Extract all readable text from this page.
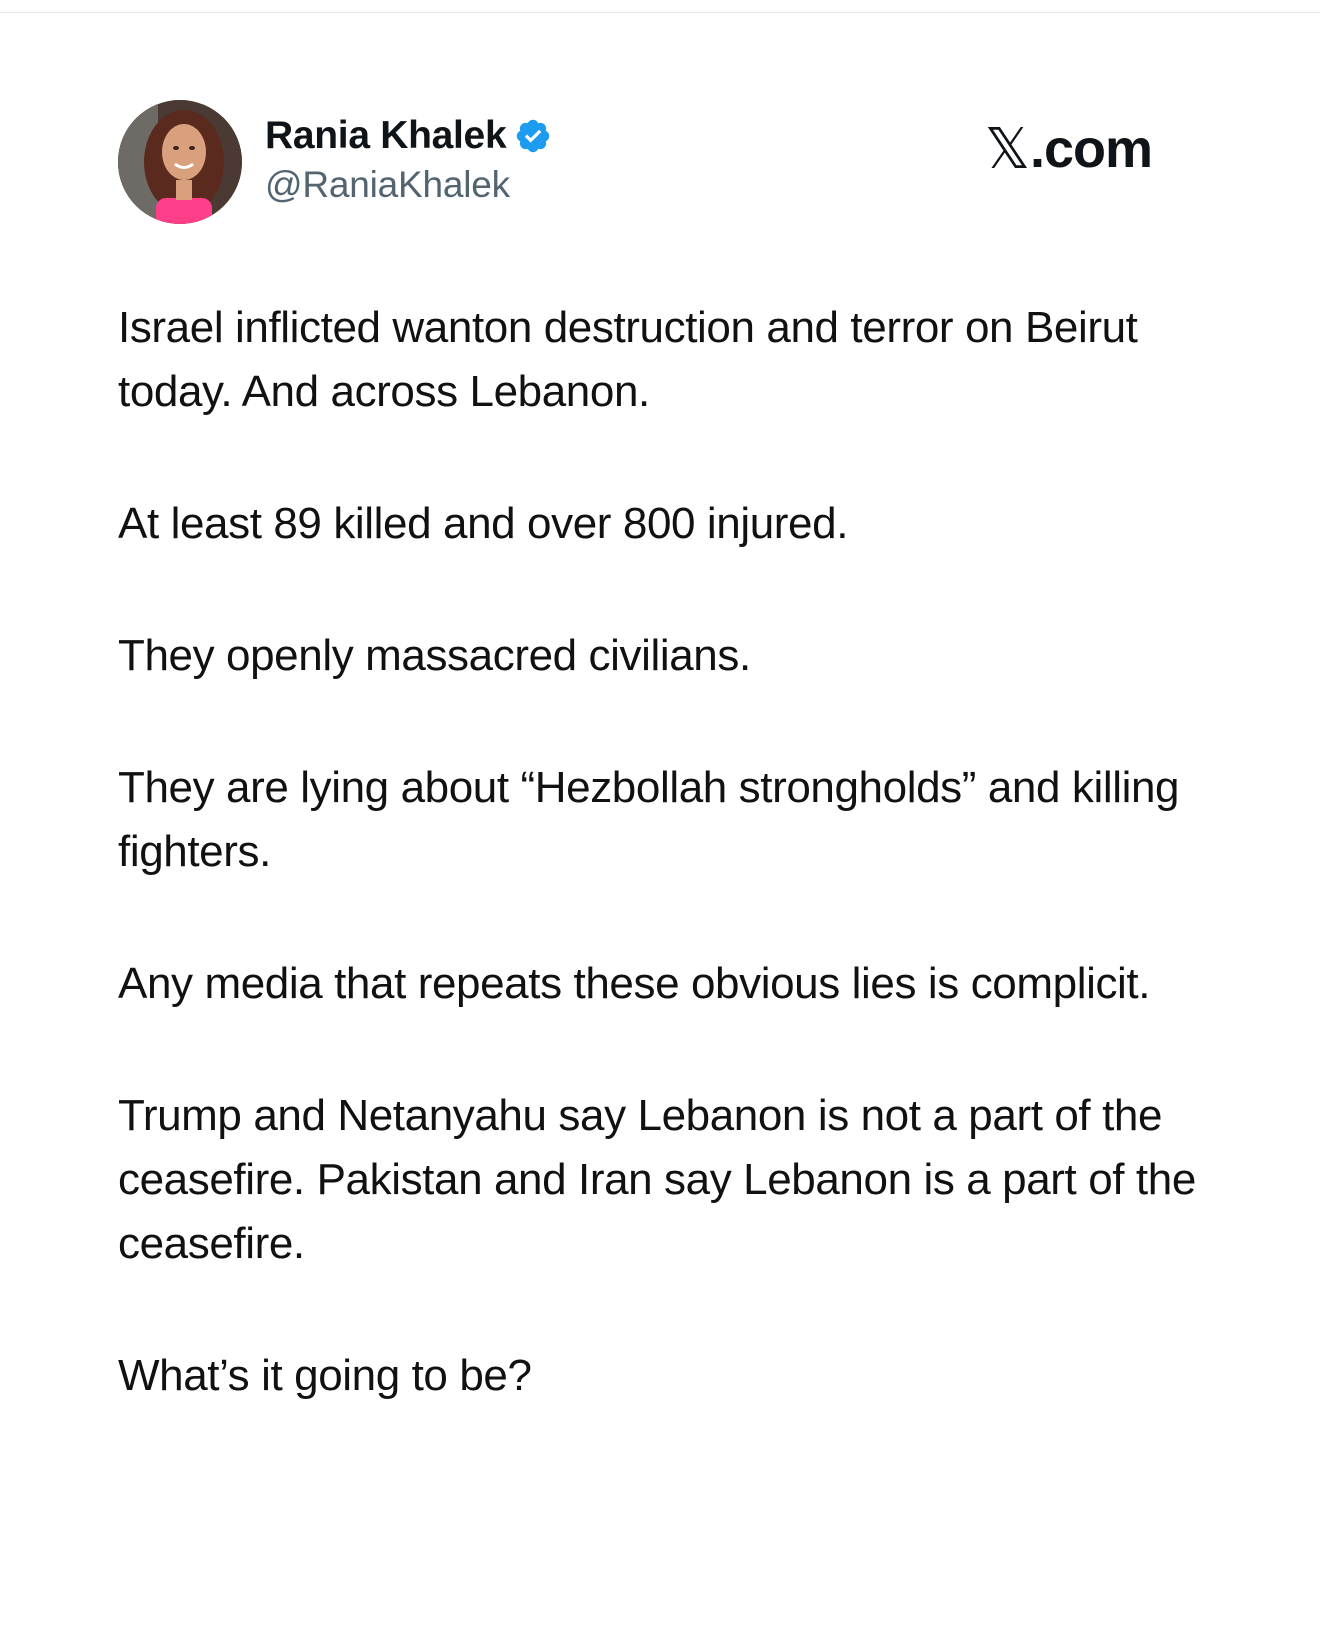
Rania Khalek
@RaniaKhalek
𝕏 .com

Israel inflicted wanton destruction and terror on Beirut today. And across Lebanon.

At least 89 killed and over 800 injured.

They openly massacred civilians.

They are lying about “Hezbollah strongholds” and killing fighters.

Any media that repeats these obvious lies is complicit.

Trump and Netanyahu say Lebanon is not a part of the ceasefire. Pakistan and Iran say Lebanon is a part of the ceasefire.

What’s it going to be?
